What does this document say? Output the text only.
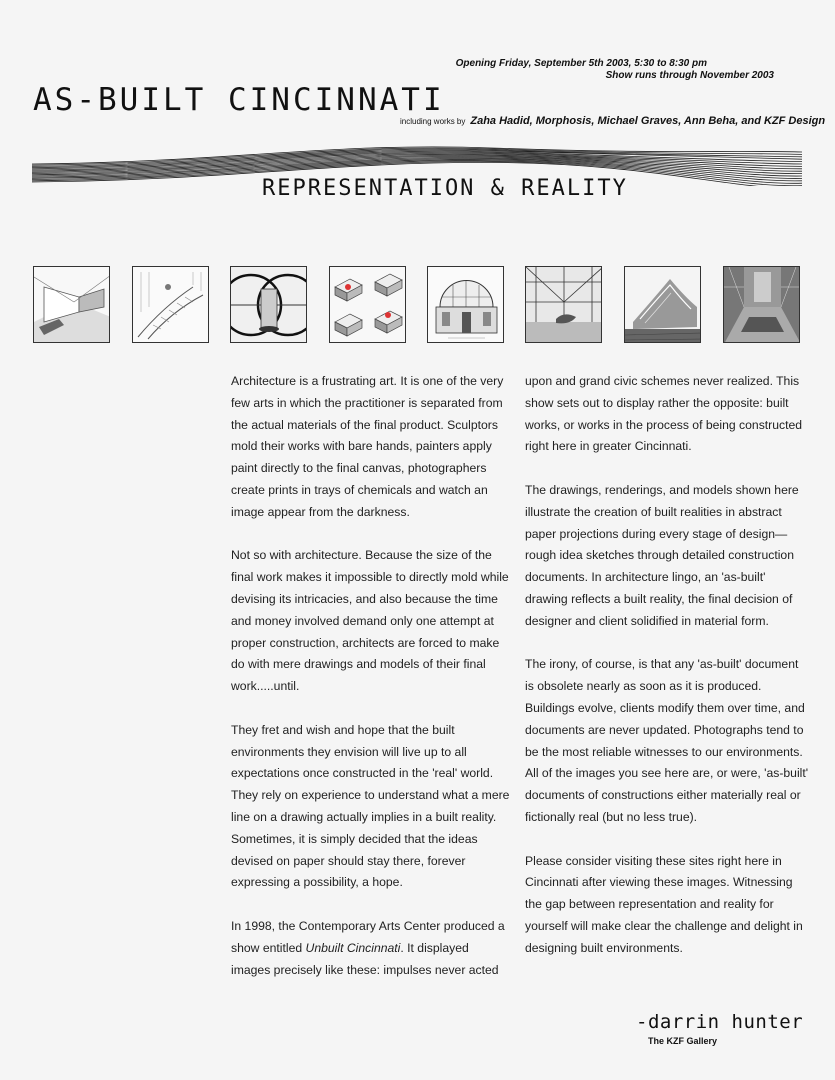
Opening Friday, September 5th 2003, 5:30 to 8:30 pm
Show runs through November 2003
AS-BUILT CINCINNATI
including works by Zaha Hadid, Morphosis, Michael Graves, Ann Beha, and KZF Design
REPRESENTATION & REALITY

Architecture is a frustrating art. It is one of the very few arts in which the practitioner is separated from the actual materials of the final product. Sculptors mold their works with bare hands, painters apply paint directly to the final canvas, photographers create prints in trays of chemicals and watch an image appear from the darkness.

Not so with architecture. Because the size of the final work makes it impossible to directly mold while devising its intricacies, and also because the time and money involved demand only one attempt at proper construction, architects are forced to make do with mere drawings and models of their final work.....until.

They fret and wish and hope that the built environments they envision will live up to all expectations once constructed in the 'real' world. They rely on experience to understand what a mere line on a drawing actually implies in a built reality. Sometimes, it is simply decided that the ideas devised on paper should stay there, forever expressing a possibility, a hope.

In 1998, the Contemporary Arts Center produced a show entitled Unbuilt Cincinnati. It displayed images precisely like these: impulses never acted

upon and grand civic schemes never realized. This show sets out to display rather the opposite: built works, or works in the process of being constructed right here in greater Cincinnati.

The drawings, renderings, and models shown here illustrate the creation of built realities in abstract paper projections during every stage of design—rough idea sketches through detailed construction documents. In architecture lingo, an 'as-built' drawing reflects a built reality, the final decision of designer and client solidified in material form.

The irony, of course, is that any 'as-built' document is obsolete nearly as soon as it is produced. Buildings evolve, clients modify them over time, and documents are never updated. Photographs tend to be the most reliable witnesses to our environments. All of the images you see here are, or were, 'as-built' documents of constructions either materially real or fictionally real (but no less true).

Please consider visiting these sites right here in Cincinnati after viewing these images. Witnessing the gap between representation and reality for yourself will make clear the challenge and delight in designing built environments.

-darrin hunter
The KZF Gallery
